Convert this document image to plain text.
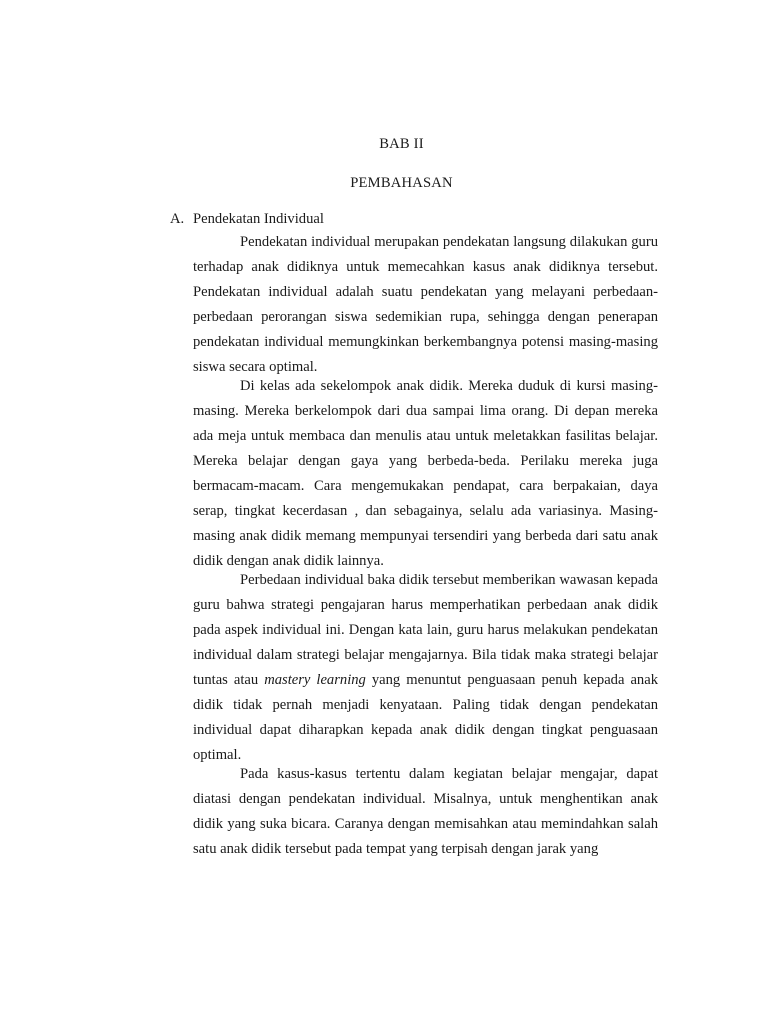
BAB II
PEMBAHASAN
A. Pendekatan Individual

Pendekatan individual merupakan pendekatan langsung dilakukan guru terhadap anak didiknya untuk memecahkan kasus anak didiknya tersebut. Pendekatan individual adalah suatu pendekatan yang melayani perbedaan-perbedaan perorangan siswa sedemikian rupa, sehingga dengan penerapan pendekatan individual memungkinkan berkembangnya potensi masing-masing siswa secara optimal.

Di kelas ada sekelompok anak didik. Mereka duduk di kursi masing-masing. Mereka berkelompok dari dua sampai lima orang. Di depan mereka ada meja untuk membaca dan menulis atau untuk meletakkan fasilitas belajar. Mereka belajar dengan gaya yang berbeda-beda. Perilaku mereka juga bermacam-macam. Cara mengemukakan pendapat, cara berpakaian, daya serap, tingkat kecerdasan , dan sebagainya, selalu ada variasinya. Masing-masing anak didik memang mempunyai tersendiri yang berbeda dari satu anak didik dengan anak didik lainnya.

Perbedaan individual baka didik tersebut memberikan wawasan kepada guru bahwa strategi pengajaran harus memperhatikan perbedaan anak didik pada aspek individual ini. Dengan kata lain, guru harus melakukan pendekatan individual dalam strategi belajar mengajarnya. Bila tidak maka strategi belajar tuntas atau mastery learning yang menuntut penguasaan penuh kepada anak didik tidak pernah menjadi kenyataan. Paling tidak dengan pendekatan individual dapat diharapkan kepada anak didik dengan tingkat penguasaan optimal.

Pada kasus-kasus tertentu dalam kegiatan belajar mengajar, dapat diatasi dengan pendekatan individual. Misalnya, untuk menghentikan anak didik yang suka bicara. Caranya dengan memisahkan atau memindahkan salah satu anak didik tersebut pada tempat yang terpisah dengan jarak yang
